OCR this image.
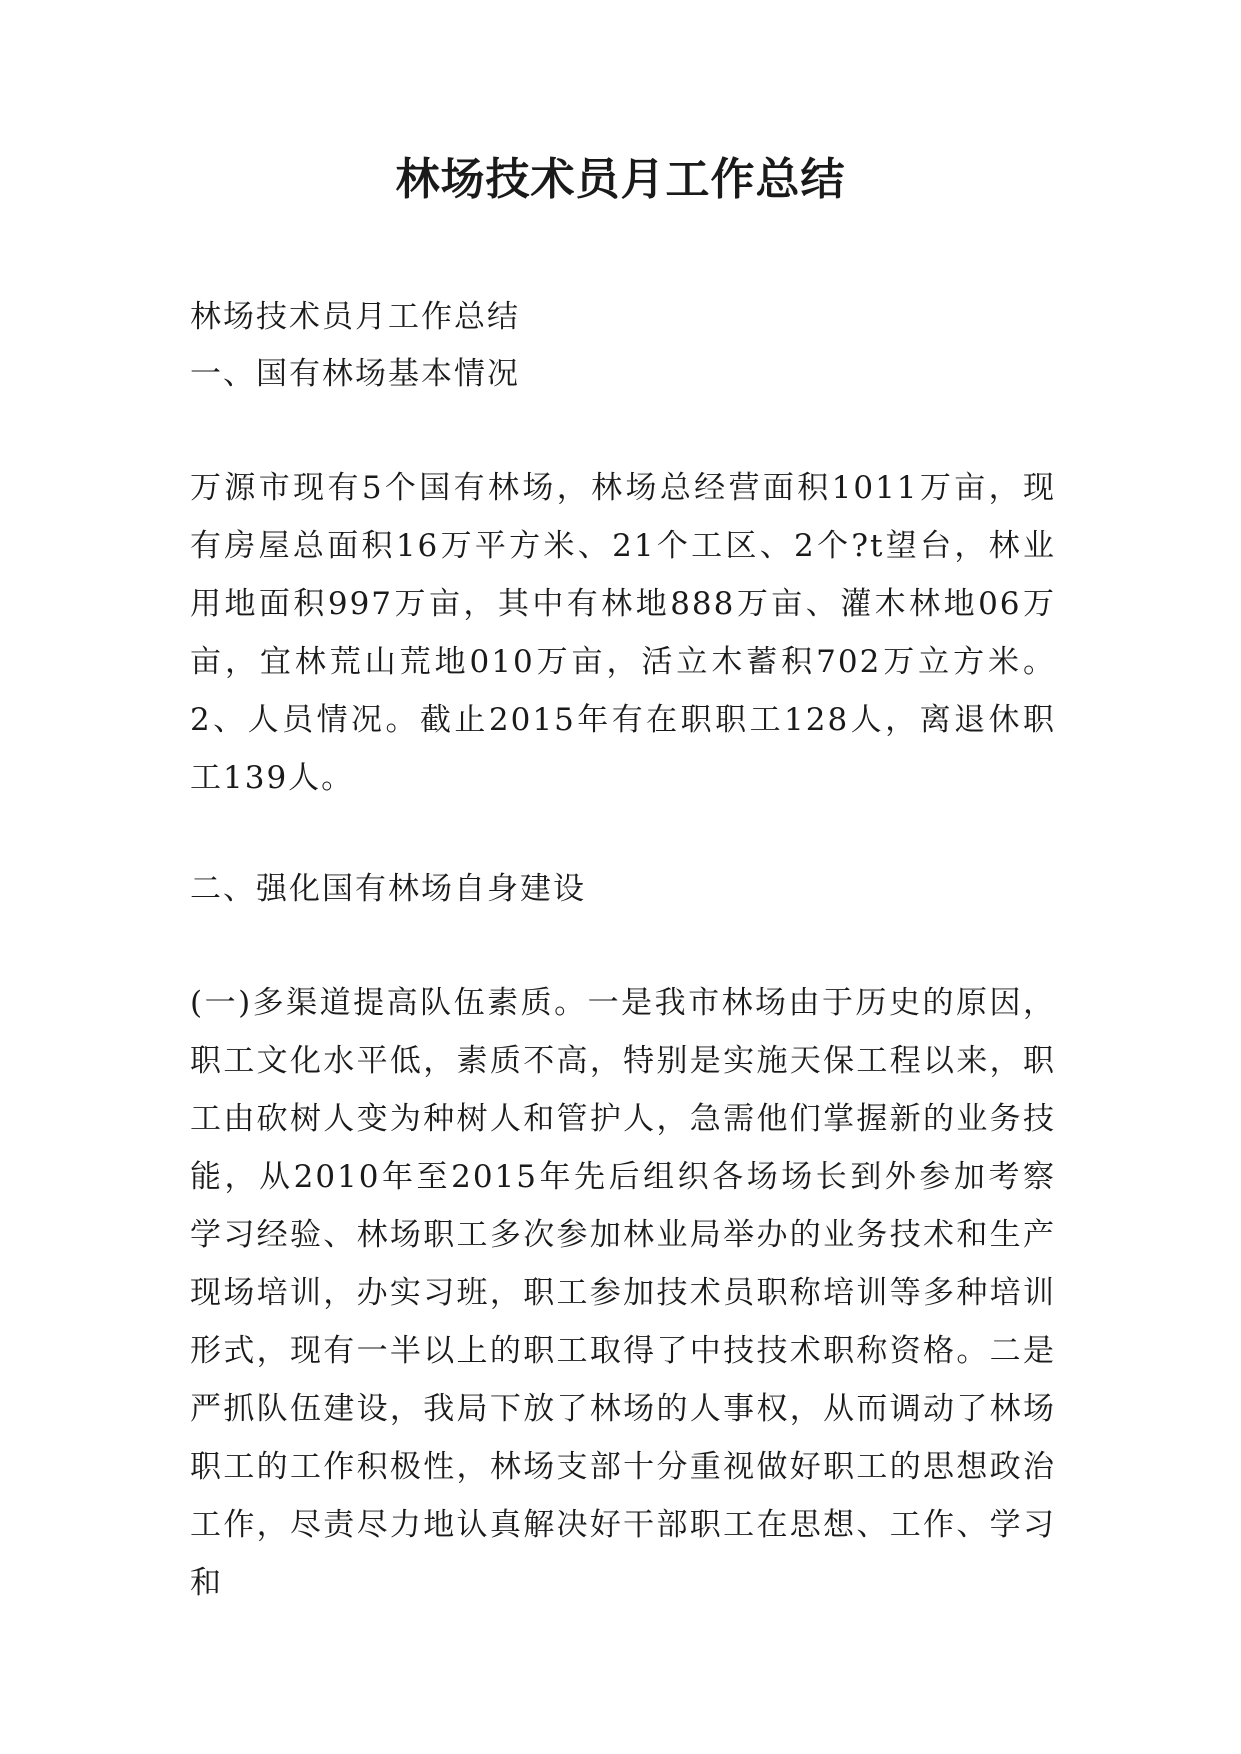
林场技术员月工作总结

林场技术员月工作总结

一、国有林场基本情况

万源市现有5个国有林场，林场总经营面积1011万亩，现有房屋总面积16万平方米、21个工区、2个?t望台，林业用地面积997万亩，其中有林地888万亩、灌木林地06万亩，宜林荒山荒地010万亩，活立木蓄积702万立方米。2、人员情况。截止2015年有在职职工128人，离退休职工139人。

二、强化国有林场自身建设

(一)多渠道提高队伍素质。一是我市林场由于历史的原因，职工文化水平低，素质不高，特别是实施天保工程以来，职工由砍树人变为种树人和管护人，急需他们掌握新的业务技能，从2010年至2015年先后组织各场场长到外参加考察学习经验、林场职工多次参加林业局举办的业务技术和生产现场培训，办实习班，职工参加技术员职称培训等多种培训形式，现有一半以上的职工取得了中技技术职称资格。二是严抓队伍建设，我局下放了林场的人事权，从而调动了林场职工的工作积极性，林场支部十分重视做好职工的思想政治工作，尽责尽力地认真解决好干部职工在思想、工作、学习和
